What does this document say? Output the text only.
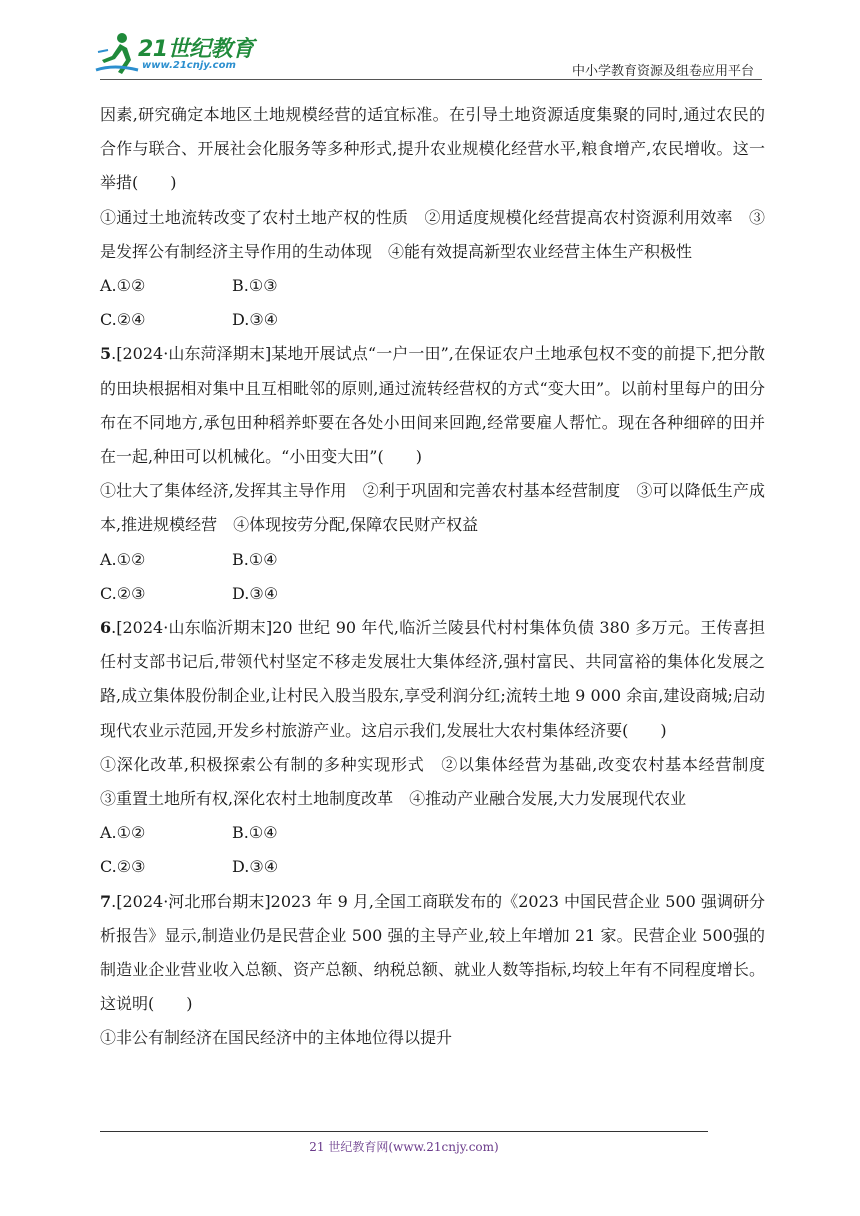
21世纪教育
www.21cnjy.com	中小学教育资源及组卷应用平台

因素,研究确定本地区土地规模经营的适宜标准。在引导土地资源适度集聚的同时,通过农民的合作与联合、开展社会化服务等多种形式,提升农业规模化经营水平,粮食增产,农民增收。这一举措(　　)

①通过土地流转改变了农村土地产权的性质　②用适度规模化经营提高农村资源利用效率　③是发挥公有制经济主导作用的生动体现　④能有效提高新型农业经营主体生产积极性

A.①②	B.①③
C.②④	D.③④

5.[2024·山东菏泽期末]某地开展试点“一户一田”,在保证农户土地承包权不变的前提下,把分散的田块根据相对集中且互相毗邻的原则,通过流转经营权的方式“变大田”。以前村里每户的田分布在不同地方,承包田种稻养虾要在各处小田间来回跑,经常要雇人帮忙。现在各种细碎的田并在一起,种田可以机械化。“小田变大田”(　　)

①壮大了集体经济,发挥其主导作用　②利于巩固和完善农村基本经营制度　③可以降低生产成本,推进规模经营　④体现按劳分配,保障农民财产权益

A.①②	B.①④
C.②③	D.③④

6.[2024·山东临沂期末]20 世纪 90 年代,临沂兰陵县代村村集体负债 380 多万元。王传喜担任村支部书记后,带领代村坚定不移走发展壮大集体经济,强村富民、共同富裕的集体化发展之路,成立集体股份制企业,让村民入股当股东,享受利润分红;流转土地 9 000 余亩,建设商城;启动现代农业示范园,开发乡村旅游产业。这启示我们,发展壮大农村集体经济要(　　)

①深化改革,积极探索公有制的多种实现形式　②以集体经营为基础,改变农村基本经营制度　③重置土地所有权,深化农村土地制度改革　④推动产业融合发展,大力发展现代农业

A.①②	B.①④
C.②③	D.③④

7.[2024·河北邢台期末]2023 年 9 月,全国工商联发布的《2023 中国民营企业 500 强调研分析报告》显示,制造业仍是民营企业 500 强的主导产业,较上年增加 21 家。民营企业 500强的制造业企业营业收入总额、资产总额、纳税总额、就业人数等指标,均较上年有不同程度增长。这说明(　　)

①非公有制经济在国民经济中的主体地位得以提升

21 世纪教育网(www.21cnjy.com)
